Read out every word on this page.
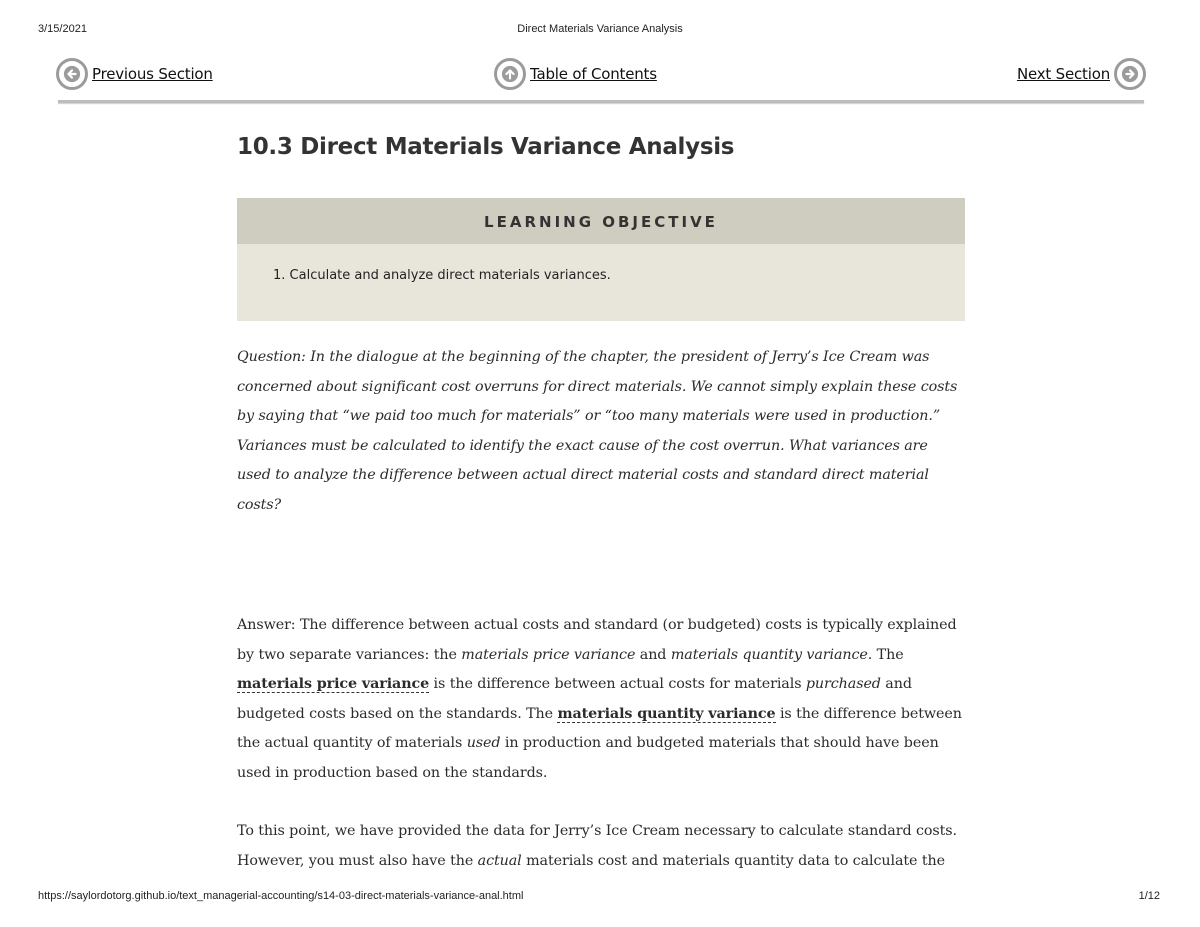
3/15/2021	Direct Materials Variance Analysis
Previous Section	Table of Contents	Next Section
10.3 Direct Materials Variance Analysis
LEARNING OBJECTIVE
1. Calculate and analyze direct materials variances.
Question: In the dialogue at the beginning of the chapter, the president of Jerry’s Ice Cream was concerned about significant cost overruns for direct materials. We cannot simply explain these costs by saying that “we paid too much for materials” or “too many materials were used in production.” Variances must be calculated to identify the exact cause of the cost overrun. What variances are used to analyze the difference between actual direct material costs and standard direct material costs?
Answer: The difference between actual costs and standard (or budgeted) costs is typically explained by two separate variances: the materials price variance and materials quantity variance. The materials price variance is the difference between actual costs for materials purchased and budgeted costs based on the standards. The materials quantity variance is the difference between the actual quantity of materials used in production and budgeted materials that should have been used in production based on the standards.
To this point, we have provided the data for Jerry’s Ice Cream necessary to calculate standard costs. However, you must also have the actual materials cost and materials quantity data to calculate the
https://saylordotorg.github.io/text_managerial-accounting/s14-03-direct-materials-variance-anal.html	1/12
